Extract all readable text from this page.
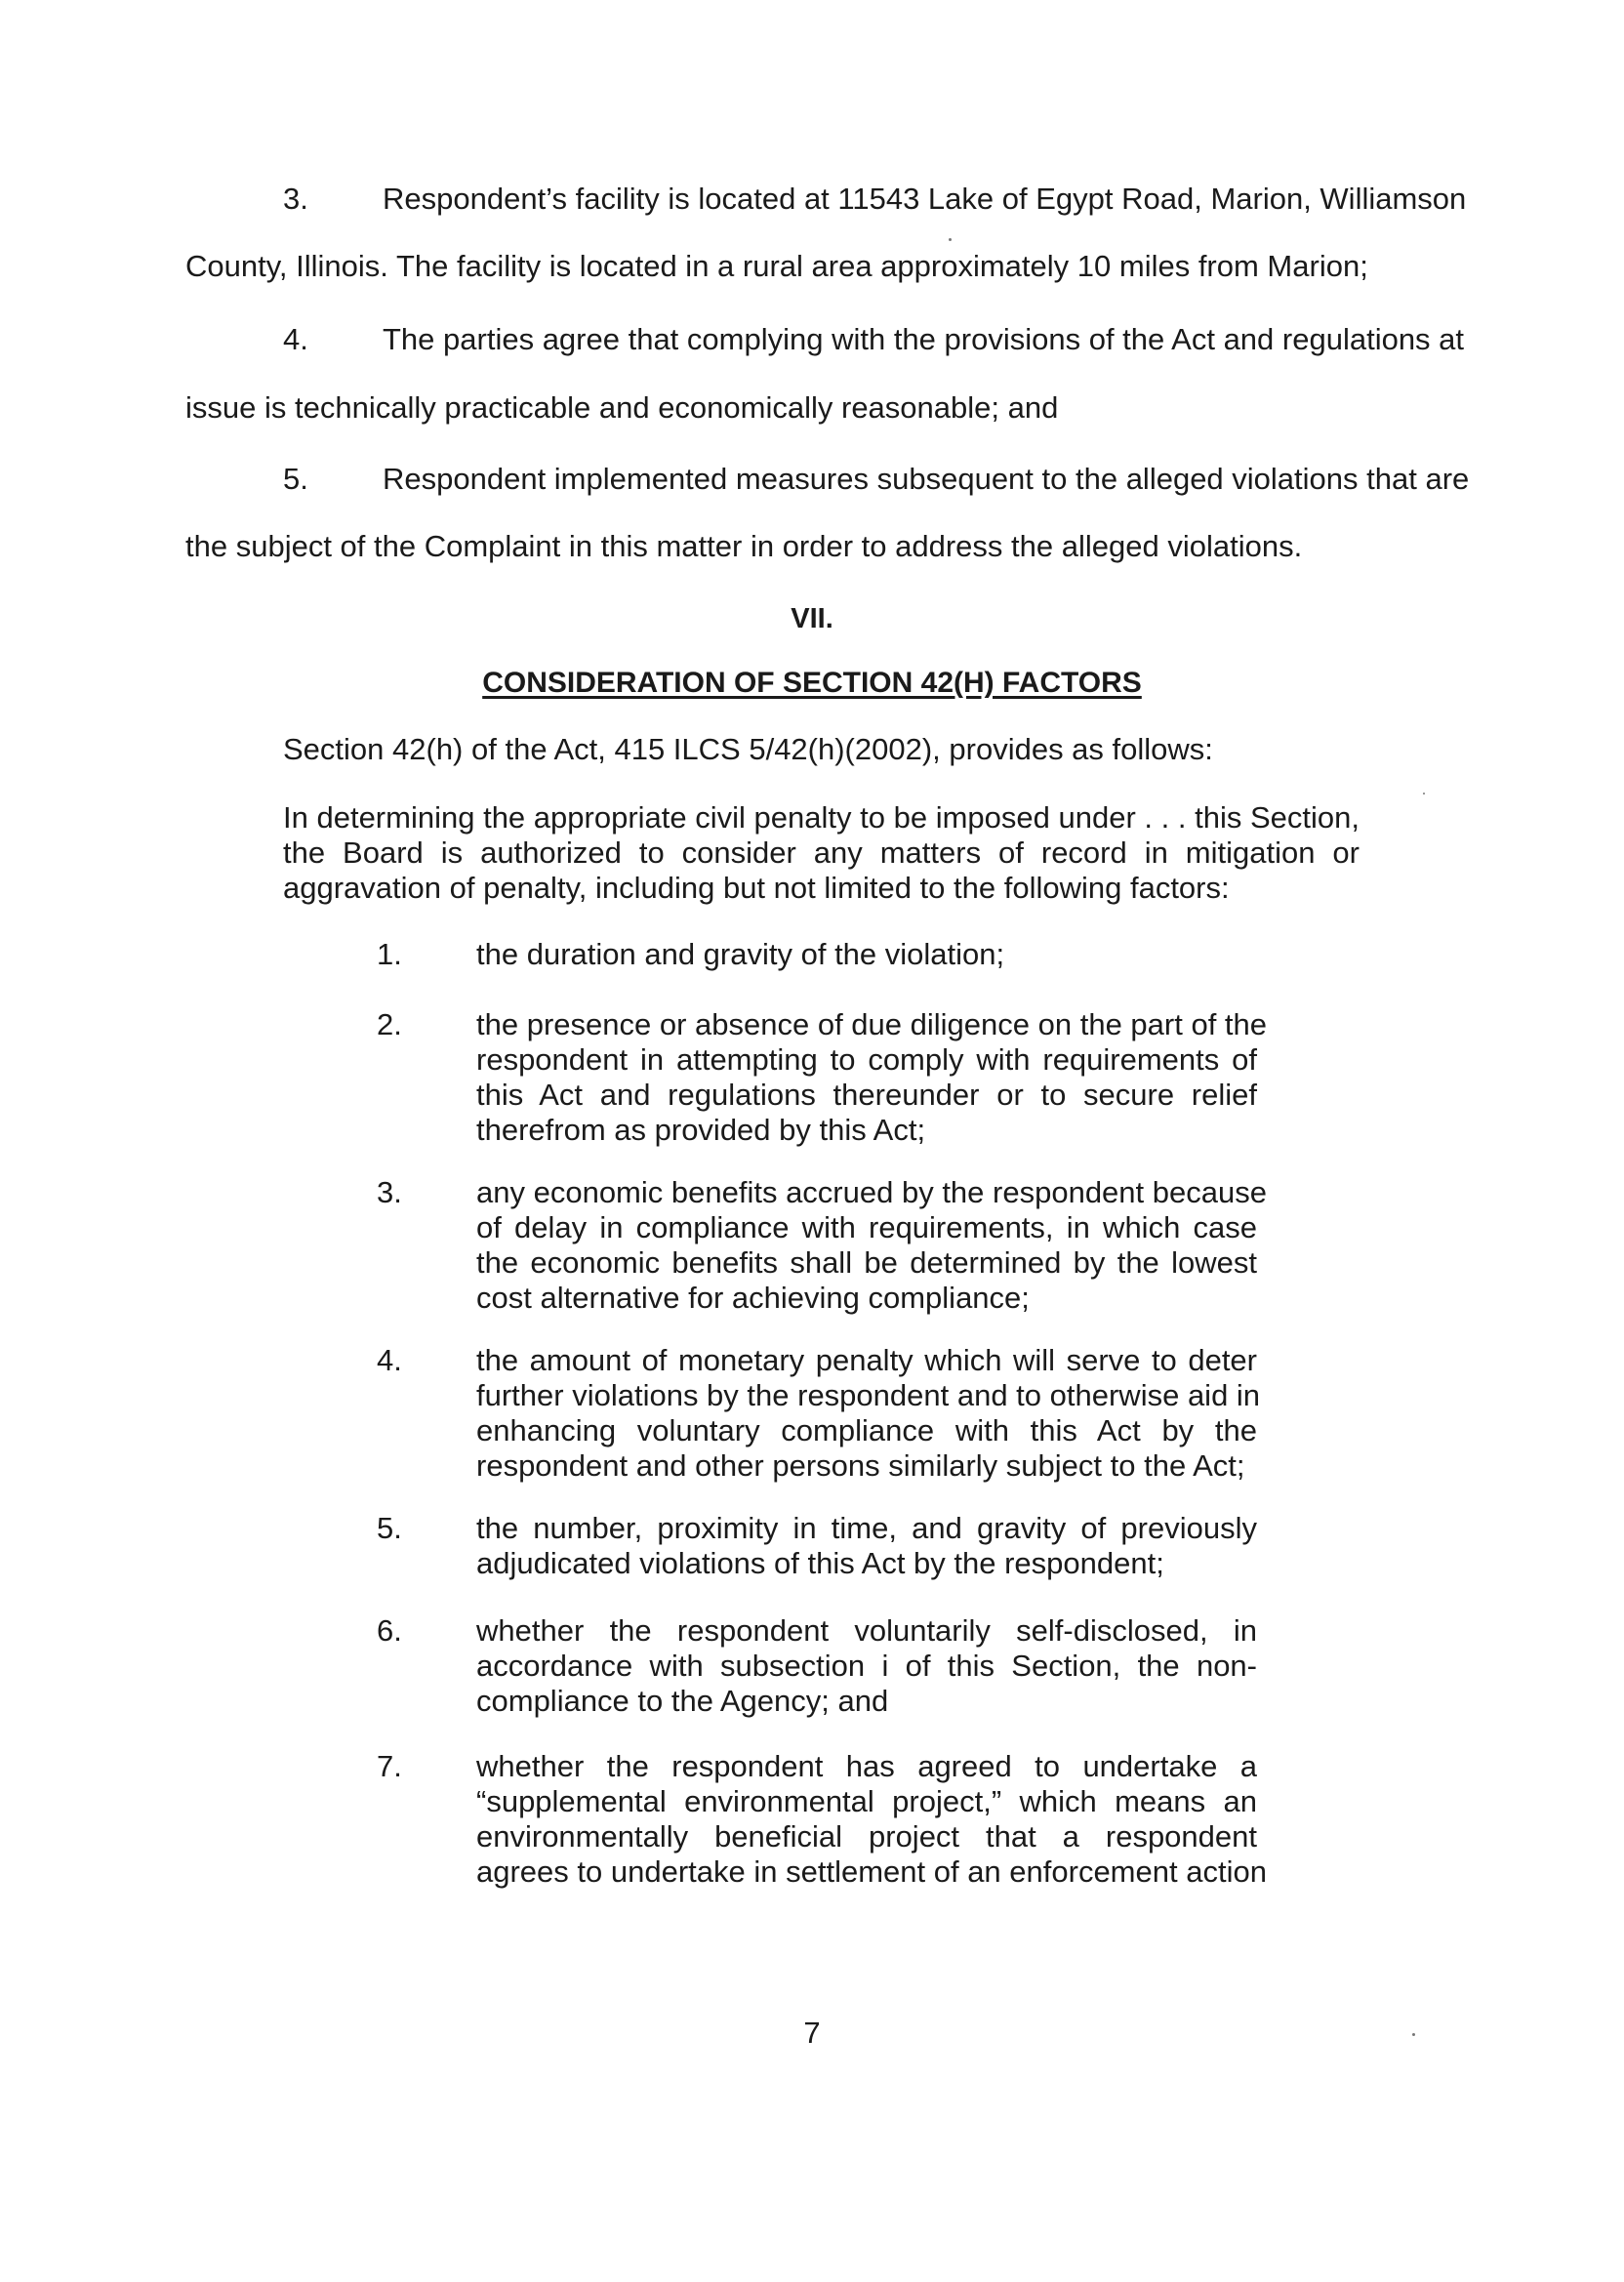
3. Respondent’s facility is located at 11543 Lake of Egypt Road, Marion, Williamson
County, Illinois. The facility is located in a rural area approximately 10 miles from Marion;
4. The parties agree that complying with the provisions of the Act and regulations at
issue is technically practicable and economically reasonable; and
5. Respondent implemented measures subsequent to the alleged violations that are
the subject of the Complaint in this matter in order to address the alleged violations.
VII.
CONSIDERATION OF SECTION 42(H) FACTORS
Section 42(h) of the Act, 415 ILCS 5/42(h)(2002), provides as follows:
In determining the appropriate civil penalty to be imposed under . . . this Section,
the Board is authorized to consider any matters of record in mitigation or
aggravation of penalty, including but not limited to the following factors:
1. the duration and gravity of the violation;
2. the presence or absence of due diligence on the part of the
respondent in attempting to comply with requirements of
this Act and regulations thereunder or to secure relief
therefrom as provided by this Act;
3. any economic benefits accrued by the respondent because
of delay in compliance with requirements, in which case
the economic benefits shall be determined by the lowest
cost alternative for achieving compliance;
4. the amount of monetary penalty which will serve to deter
further violations by the respondent and to otherwise aid in
enhancing voluntary compliance with this Act by the
respondent and other persons similarly subject to the Act;
5. the number, proximity in time, and gravity of previously
adjudicated violations of this Act by the respondent;
6. whether the respondent voluntarily self-disclosed, in
accordance with subsection i of this Section, the non-
compliance to the Agency; and
7. whether the respondent has agreed to undertake a
“supplemental environmental project,” which means an
environmentally beneficial project that a respondent
agrees to undertake in settlement of an enforcement action
7
